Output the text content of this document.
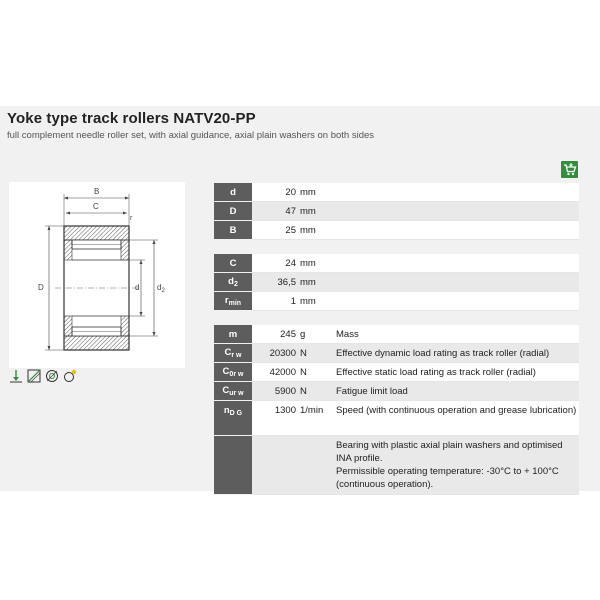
Yoke type track rollers NATV20-PP
full complement needle roller set, with axial guidance, axial plain washers on both sides
B
C
r
D	d $d_2$
d	20 mm	
D	47 mm	
B	25 mm	

C	24 mm	
$d_2$	36,5 mm	
$r_{min}$	1 mm	

m	245 g	Mass
$C_{r w}$	20300 N	Effective dynamic load rating as track roller (radial)
$C_{0r w}$	42000 N	Effective static load rating as track roller (radial)
$C_{ur w}$	5900 N	Fatigue limit load
$n_{D G}$	1300 1/min	Speed (with continuous operation and grease lubrication)

		Bearing with plastic axial plain washers and optimised INA profile.
Permissible operating temperature: -30°C to + 100°C (continuous operation).
